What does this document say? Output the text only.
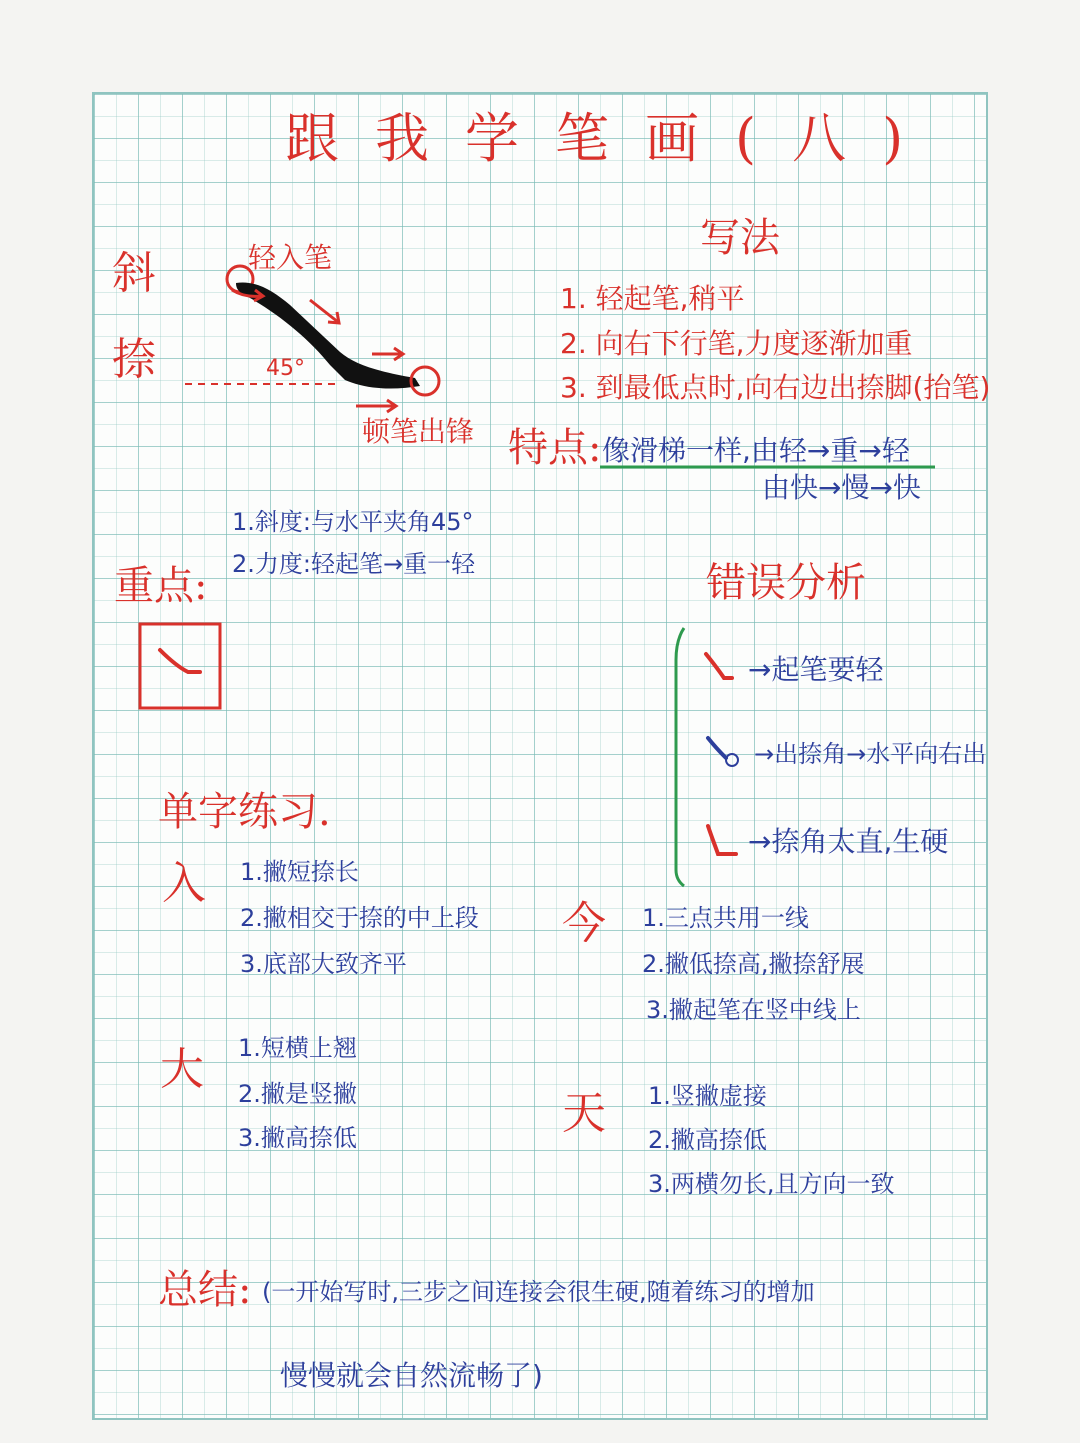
跟我学笔画(八)
斜
捺
轻入笔
45°
顿笔出锋
写法
1. 轻起笔,稍平
2. 向右下行笔,力度逐渐加重
3. 到最低点时,向右边出捺脚(抬笔)
特点: 像滑梯一样,由轻→重→轻
由快→慢→快
1.斜度:与水平夹角45°
2.力度:轻起笔→重一轻
重点:	错误分析
→起笔要轻
→出捺角→水平向右出
→捺角太直,生硬
单字练习.
入 1.撇短捺长
2.撇相交于捺的中上段
3.底部大致齐平
今 1.三点共用一线
2.撇低捺高,撇捺舒展
3.撇起笔在竖中线上
大 1.短横上翘
2.撇是竖撇
3.撇高捺低	天 1.竖撇虚接
2.撇高捺低
3.两横勿长,且方向一致
总结: (一开始写时,三步之间连接会很生硬,随着练习的增加
慢慢就会自然流畅了)
